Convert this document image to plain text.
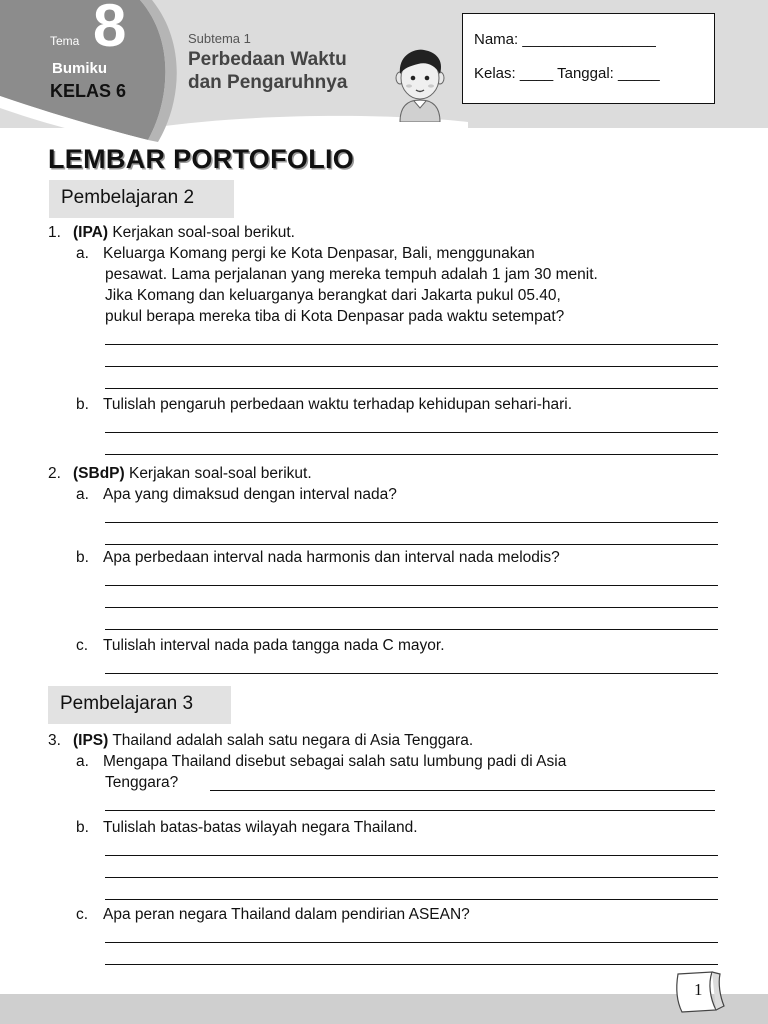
Tema 8
Bumiku
KELAS 6
Subtema 1
Perbedaan Waktu
dan Pengaruhnya
Nama: ________________
Kelas: ____ Tanggal: _____
LEMBAR PORTOFOLIO
Pembelajaran 2
1. (IPA) Kerjakan soal-soal berikut.
a. Keluarga Komang pergi ke Kota Denpasar, Bali, menggunakan
pesawat. Lama perjalanan yang mereka tempuh adalah 1 jam 30 menit.
Jika Komang dan keluarganya berangkat dari Jakarta pukul 05.40,
pukul berapa mereka tiba di Kota Denpasar pada waktu setempat?
b. Tulislah pengaruh perbedaan waktu terhadap kehidupan sehari-hari.
2. (SBdP) Kerjakan soal-soal berikut.
a. Apa yang dimaksud dengan interval nada?
b. Apa perbedaan interval nada harmonis dan interval nada melodis?
c. Tulislah interval nada pada tangga nada C mayor.
Pembelajaran 3
3. (IPS) Thailand adalah salah satu negara di Asia Tenggara.
a. Mengapa Thailand disebut sebagai salah satu lumbung padi di Asia
Tenggara?
b. Tulislah batas-batas wilayah negara Thailand.
c. Apa peran negara Thailand dalam pendirian ASEAN?
1
